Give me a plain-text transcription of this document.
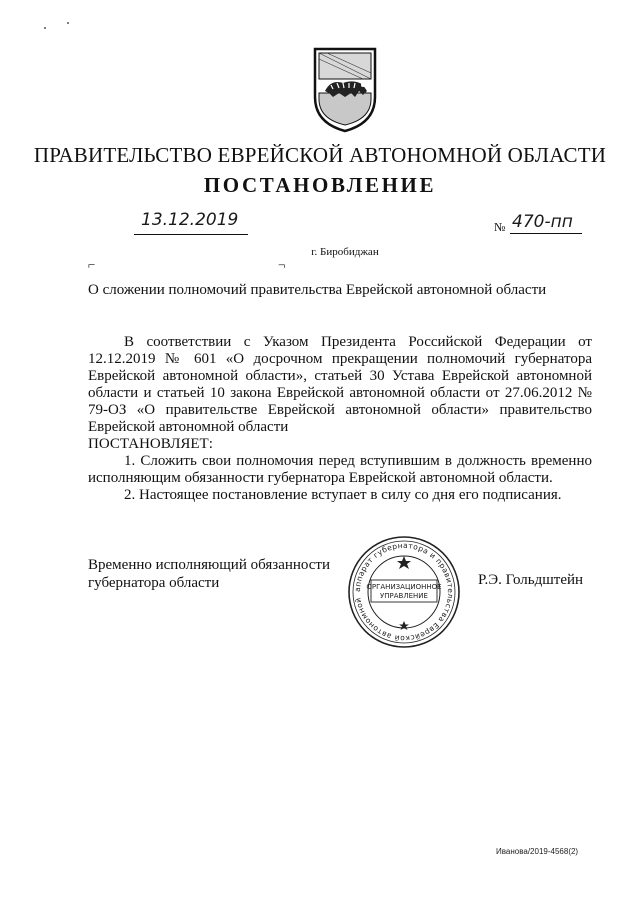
ПРАВИТЕЛЬСТВО ЕВРЕЙСКОЙ АВТОНОМНОЙ ОБЛАСТИ
ПОСТАНОВЛЕНИЕ
13.12.2019	№ 470-пп
г. Биробиджан
⌐	¬
О сложении полномочий правительства Еврейской автономной области

В соответствии с Указом Президента Российской Федерации от 12.12.2019 № 601 «О досрочном прекращении полномочий губернатора Еврейской автономной области», статьей 30 Устава Еврейской автономной области и статьей 10 закона Еврейской автономной области от 27.06.2012 № 79-ОЗ «О правительстве Еврейской автономной области» правительство Еврейской автономной области

ПОСТАНОВЛЯЕТ:

1. Сложить свои полномочия перед вступившим в должность временно исполняющим обязанности губернатора Еврейской автономной области.

2. Настоящее постановление вступает в силу со дня его подписания.

Временно исполняющий обязанности
губернатора области	аппарат губернатора и правительства Еврейской автономной
ОРГАНИЗАЦИОННОЕ
УПРАВЛЕНИЕ
Р.Э. Гольдштейн
Иванова/2019-4568(2)
